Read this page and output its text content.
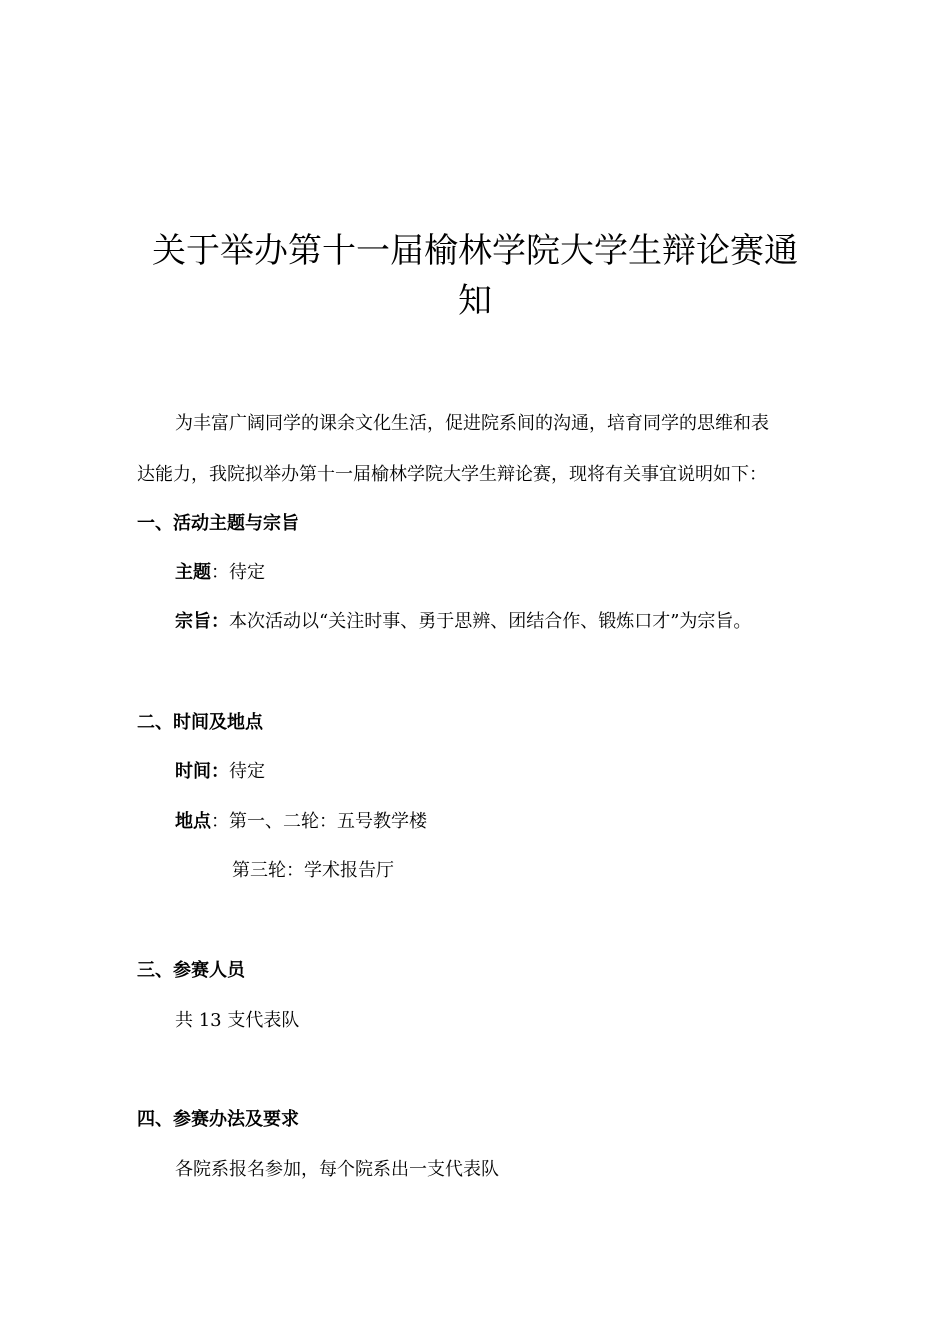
关于举办第十一届榆林学院大学生辩论赛通
知
为丰富广阔同学的课余文化生活，促进院系间的沟通，培育同学的思维和表
达能力，我院拟举办第十一届榆林学院大学生辩论赛，现将有关事宜说明如下：
一、活动主题与宗旨
主题：待定
宗旨：本次活动以“关注时事、勇于思辨、团结合作、锻炼口才”为宗旨。
二、时间及地点
时间：待定
地点：第一、二轮：五号教学楼
第三轮：学术报告厅
三、参赛人员
共 13 支代表队
四、参赛办法及要求
各院系报名参加，每个院系出一支代表队
